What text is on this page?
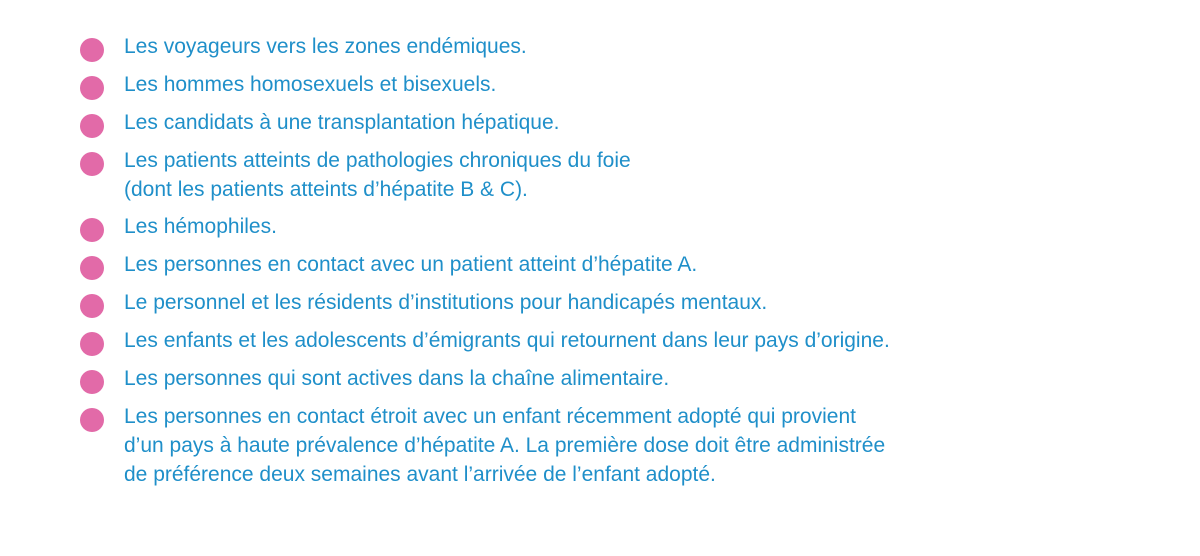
Les voyageurs vers les zones endémiques.
Les hommes homosexuels et bisexuels.
Les candidats à une transplantation hépatique.
Les patients atteints de pathologies chroniques du foie
(dont les patients atteints d’hépatite B & C).
Les hémophiles.
Les personnes en contact avec un patient atteint d’hépatite A.
Le personnel et les résidents d’institutions pour handicapés mentaux.
Les enfants et les adolescents d’émigrants qui retournent dans leur pays d’origine.
Les personnes qui sont actives dans la chaîne alimentaire.
Les personnes en contact étroit avec un enfant récemment adopté qui provient
d’un pays à haute prévalence d’hépatite A. La première dose doit être administrée
de préférence deux semaines avant l’arrivée de l’enfant adopté.
